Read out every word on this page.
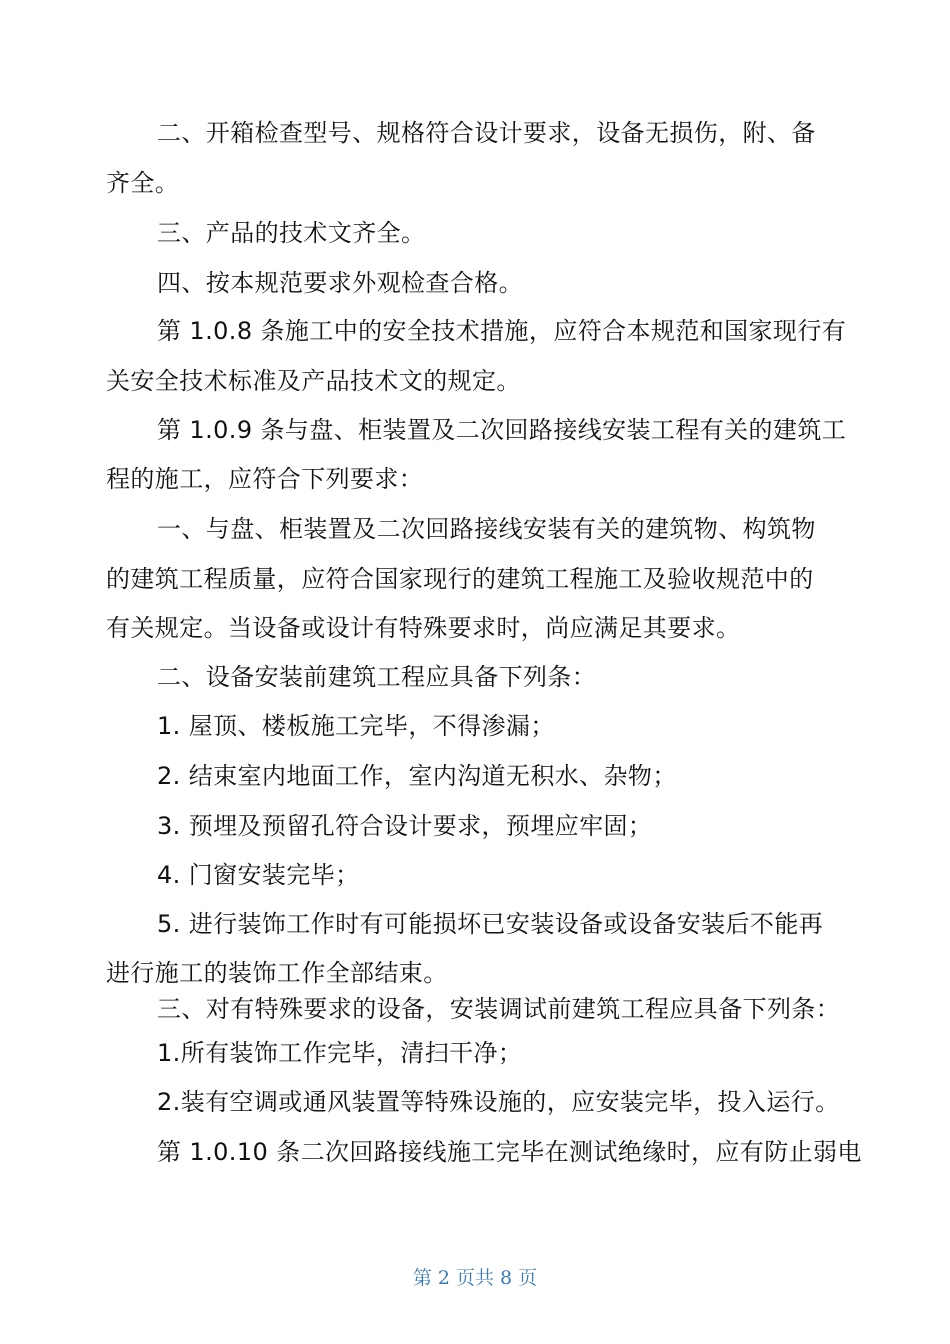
二、开箱检查型号、规格符合设计要求，设备无损伤，附、备
齐全。
三、产品的技术文齐全。
四、按本规范要求外观检查合格。
第 1.0.8 条施工中的安全技术措施，应符合本规范和国家现行有
关安全技术标准及产品技术文的规定。
第 1.0.9 条与盘、柜装置及二次回路接线安装工程有关的建筑工
程的施工，应符合下列要求：
一、与盘、柜装置及二次回路接线安装有关的建筑物、构筑物
的建筑工程质量，应符合国家现行的建筑工程施工及验收规范中的
有关规定。当设备或设计有特殊要求时，尚应满足其要求。
二、设备安装前建筑工程应具备下列条：
1. 屋顶、楼板施工完毕，不得渗漏；
2. 结束室内地面工作，室内沟道无积水、杂物；
3. 预埋及预留孔符合设计要求，预埋应牢固；
4. 门窗安装完毕；
5. 进行装饰工作时有可能损坏已安装设备或设备安装后不能再
进行施工的装饰工作全部结束。
三、对有特殊要求的设备，安装调试前建筑工程应具备下列条：
1.所有装饰工作完毕，清扫干净；
2.装有空调或通风装置等特殊设施的，应安装完毕，投入运行。
第 1.0.10 条二次回路接线施工完毕在测试绝缘时，应有防止弱电
第 2 页共 8 页
